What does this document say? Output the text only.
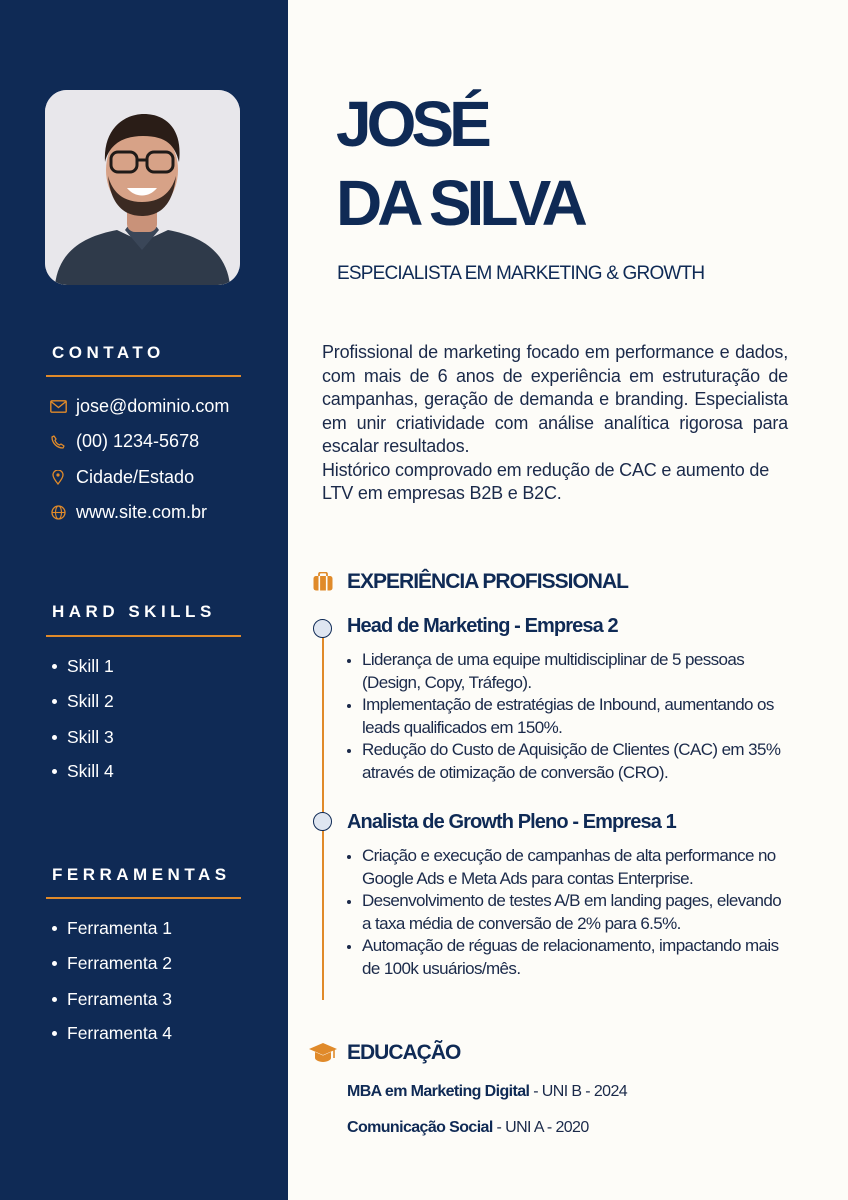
CONTATO
jose@dominio.com
(00) 1234-5678
Cidade/Estado
www.site.com.br
HARD SKILLS
Skill 1
Skill 2
Skill 3
Skill 4
FERRAMENTAS
Ferramenta 1
Ferramenta 2
Ferramenta 3
Ferramenta 4
JOSÉ
DA SILVA
ESPECIALISTA EM MARKETING & GROWTH

Profissional de marketing focado em performance e dados, com mais de 6 anos de experiência em estruturação de campanhas, geração de demanda e branding. Especialista em unir criatividade com análise analítica rigorosa para escalar resultados.

Histórico comprovado em redução de CAC e aumento de LTV em empresas B2B e B2C.

EXPERIÊNCIA PROFISSIONAL
Head de Marketing - Empresa 2
Liderança de uma equipe multidisciplinar de 5 pessoas (Design, Copy, Tráfego).
Implementação de estratégias de Inbound, aumentando os leads qualificados em 150%.
Redução do Custo de Aquisição de Clientes (CAC) em 35% através de otimização de conversão (CRO).
Analista de Growth Pleno - Empresa 1
Criação e execução de campanhas de alta performance no Google Ads e Meta Ads para contas Enterprise.
Desenvolvimento de testes A/B em landing pages, elevando a taxa média de conversão de 2% para 6.5%.
Automação de réguas de relacionamento, impactando mais de 100k usuários/mês.
EDUCAÇÃO
MBA em Marketing Digital - UNI B - 2024
Comunicação Social - UNI A - 2020
